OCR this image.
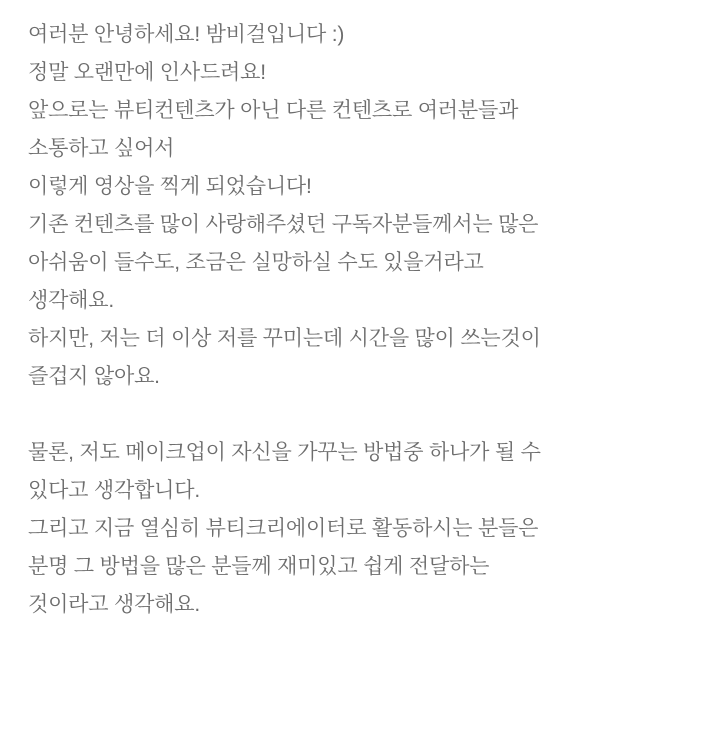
여러분 안녕하세요! 밤비걸입니다 :)
정말 오랜만에 인사드려요!
앞으로는 뷰티컨텐츠가 아닌 다른 컨텐츠로 여러분들과
소통하고 싶어서
이렇게 영상을 찍게 되었습니다!
기존 컨텐츠를 많이 사랑해주셨던 구독자분들께서는 많은
아쉬움이 들수도, 조금은 실망하실 수도 있을거라고
생각해요.
하지만, 저는 더 이상 저를 꾸미는데 시간을 많이 쓰는것이
즐겁지 않아요.
물론, 저도 메이크업이 자신을 가꾸는 방법중 하나가 될 수
있다고 생각합니다.
그리고 지금 열심히 뷰티크리에이터로 활동하시는 분들은
분명 그 방법을 많은 분들께 재미있고 쉽게 전달하는
것이라고 생각해요.
